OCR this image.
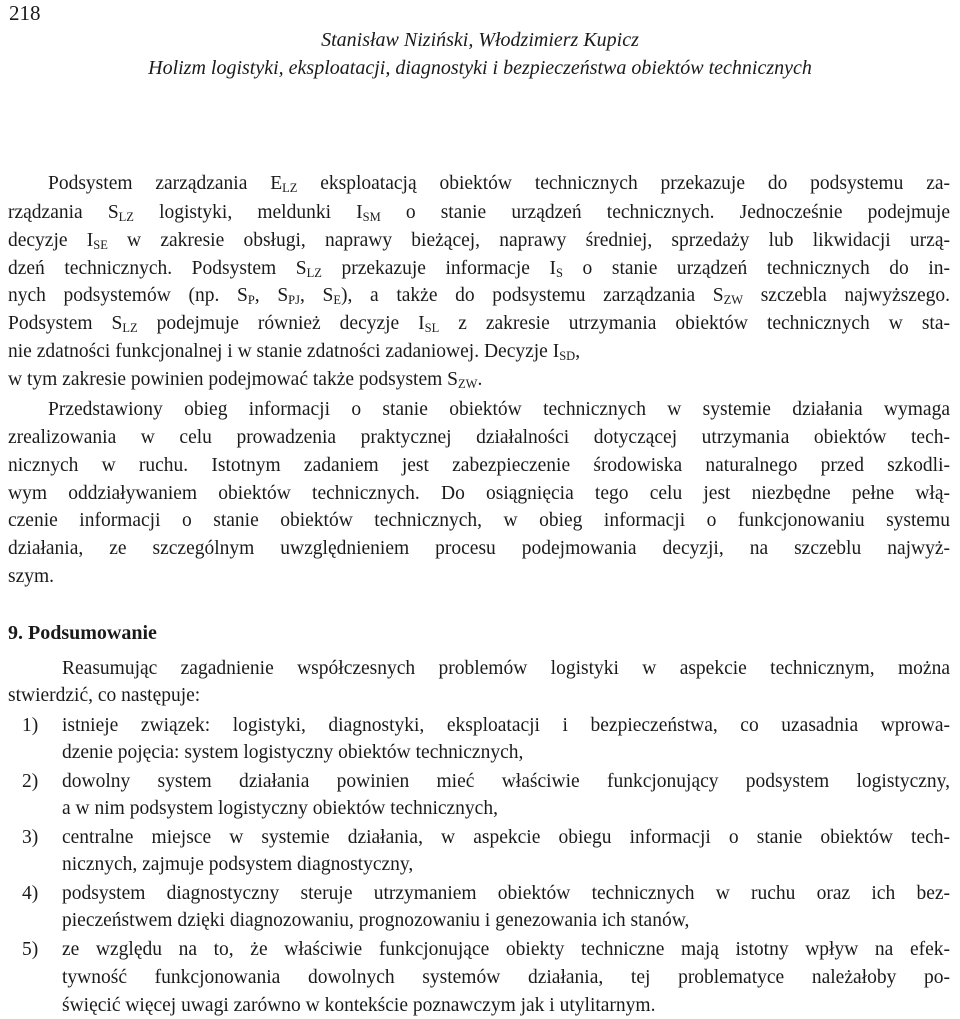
218
Stanisław Niziński, Włodzimierz Kupicz
Holizm logistyki, eksploatacji, diagnostyki i bezpieczeństwa obiektów technicznych
Podsystem zarządzania $E_{LZ}$ eksploatacją obiektów technicznych przekazuje do podsystemu za-
rządzania $S_{LZ}$ logistyki, meldunki $I_{SM}$ o stanie urządzeń technicznych. Jednocześnie podejmuje
decyzje $I_{SE}$ w zakresie obsługi, naprawy bieżącej, naprawy średniej, sprzedaży lub likwidacji urzą-
dzeń technicznych. Podsystem $S_{LZ}$ przekazuje informacje $I_S$ o stanie urządzeń technicznych do in-
nych podsystemów (np. $S_P$, $S_{PJ}$, $S_E$), a także do podsystemu zarządzania $S_{ZW}$ szczebla najwyższego.
Podsystem $S_{LZ}$ podejmuje również decyzje $I_{SL}$ z zakresie utrzymania obiektów technicznych w sta-
nie zdatności funkcjonalnej i w stanie zdatności zadaniowej. Decyzje $I_{SD}$,
w tym zakresie powinien podejmować także podsystem $S_{ZW}$.
Przedstawiony obieg informacji o stanie obiektów technicznych w systemie działania wymaga
zrealizowania w celu prowadzenia praktycznej działalności dotyczącej utrzymania obiektów tech-
nicznych w ruchu. Istotnym zadaniem jest zabezpieczenie środowiska naturalnego przed szkodli-
wym oddziaływaniem obiektów technicznych. Do osiągnięcia tego celu jest niezbędne pełne włą-
czenie informacji o stanie obiektów technicznych, w obieg informacji o funkcjonowaniu systemu
działania, ze szczególnym uwzględnieniem procesu podejmowania decyzji, na szczeblu najwyż-
szym.
9. Podsumowanie
Reasumując zagadnienie współczesnych problemów logistyki w aspekcie technicznym, można
stwierdzić, co następuje:
1) istnieje związek: logistyki, diagnostyki, eksploatacji i bezpieczeństwa, co uzasadnia wprowa-
dzenie pojęcia: system logistyczny obiektów technicznych,
2) dowolny system działania powinien mieć właściwie funkcjonujący podsystem logistyczny,
a w nim podsystem logistyczny obiektów technicznych,
3) centralne miejsce w systemie działania, w aspekcie obiegu informacji o stanie obiektów tech-
nicznych, zajmuje podsystem diagnostyczny,
4) podsystem diagnostyczny steruje utrzymaniem obiektów technicznych w ruchu oraz ich bez-
pieczeństwem dzięki diagnozowaniu, prognozowaniu i genezowania ich stanów,
5) ze względu na to, że właściwie funkcjonujące obiekty techniczne mają istotny wpływ na efek-
tywność funkcjonowania dowolnych systemów działania, tej problematyce należałoby po-
święcić więcej uwagi zarówno w kontekście poznawczym jak i utylitarnym.
